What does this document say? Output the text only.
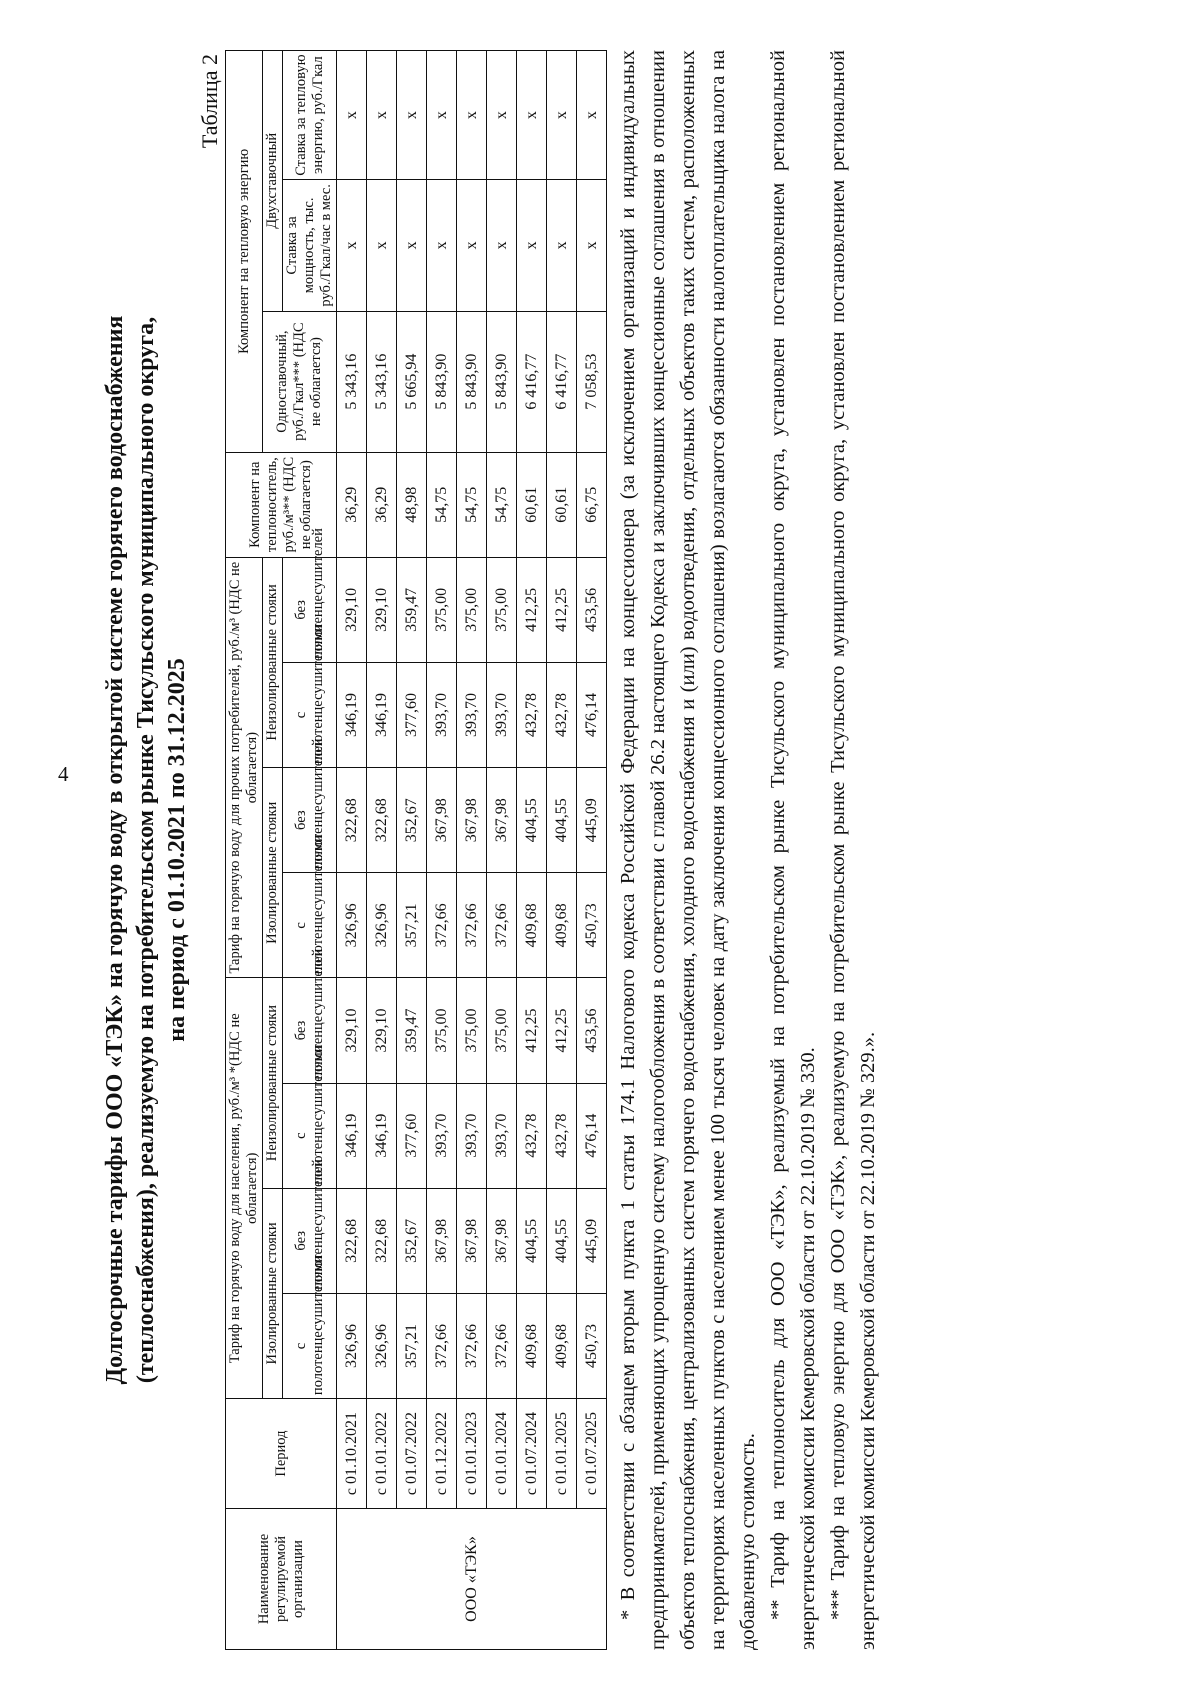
4 Долгосрочные тарифы ООО «ТЭК» на горячую воду в открытой системе горячего водоснабжения (теплоснабжения), реализуемую на потребительском рынке Тисульского муниципального округа, на период с 01.10.2021 по 31.12.2025
Таблица 2
Наименование регулируемой организации	Период	Тариф на горячую воду для населения, руб./м³ *(НДС не облагается)				Тариф на горячую воду для прочих потребителей, руб./м³ (НДС не облагается)				Компонент на теплоноситель, руб./м³** (НДС не облагается)	Компонент на тепловую энергию		
		Изолированные стояки		Неизолированные стояки		Изолированные стояки		Неизолированные стояки			Одноставочный, руб./Гкал*** (НДС не облагается)	Двухставочный	
		с полотенцесушителями	без полотенцесушителей	с полотенцесушителями	без полотенцесушителей	с полотенцесушителями	без полотенцесушителей	с полотенцесушителями	без полотенцесушителей			Ставка за мощность, тыс. руб./Гкал/час в мес.	Ставка за тепловую энергию, руб./Гкал
ООО «ТЭК»	с 01.10.2021	326,96	322,68	346,19	329,10	326,96	322,68	346,19	329,10	36,29	5 343,16	х	х
	с 01.01.2022	326,96	322,68	346,19	329,10	326,96	322,68	346,19	329,10	36,29	5 343,16	х	х
	с 01.07.2022	357,21	352,67	377,60	359,47	357,21	352,67	377,60	359,47	48,98	5 665,94	х	х
	с 01.12.2022	372,66	367,98	393,70	375,00	372,66	367,98	393,70	375,00	54,75	5 843,90	х	х
	с 01.01.2023	372,66	367,98	393,70	375,00	372,66	367,98	393,70	375,00	54,75	5 843,90	х	х
	с 01.01.2024	372,66	367,98	393,70	375,00	372,66	367,98	393,70	375,00	54,75	5 843,90	х	х
	с 01.07.2024	409,68	404,55	432,78	412,25	409,68	404,55	432,78	412,25	60,61	6 416,77	х	х
	с 01.01.2025	409,68	404,55	432,78	412,25	409,68	404,55	432,78	412,25	60,61	6 416,77	х	х
	с 01.07.2025	450,73	445,09	476,14	453,56	450,73	445,09	476,14	453,56	66,75	7 058,53	х	х * В соответствии с абзацем вторым пункта 1 статьи 174.1 Налогового кодекса Российской Федерации на концессионера (за исключением организаций и индивидуальных предпринимателей, применяющих упрощенную систему налогообложения в соответствии с главой 26.2 настоящего Кодекса и заключивших концессионные соглашения в отношении объектов теплоснабжения, централизованных систем горячего водоснабжения, холодного водоснабжения и (или) водоотведения, отдельных объектов таких систем, расположенных на территориях населенных пунктов с населением менее 100 тысяч человек на дату заключения концессионного соглашения) возлагаются обязанности налогоплательщика налога на добавленную стоимость. ** Тариф на теплоноситель для ООО «ТЭК», реализуемый на потребительском рынке Тисульского муниципального округа, установлен постановлением региональной энергетической комиссии Кемеровской области от 22.10.2019 № 330. *** Тариф на тепловую энергию для ООО «ТЭК», реализуемую на потребительском рынке Тисульского муниципального округа, установлен постановлением региональной энергетической комиссии Кемеровской области от 22.10.2019 № 329.».
